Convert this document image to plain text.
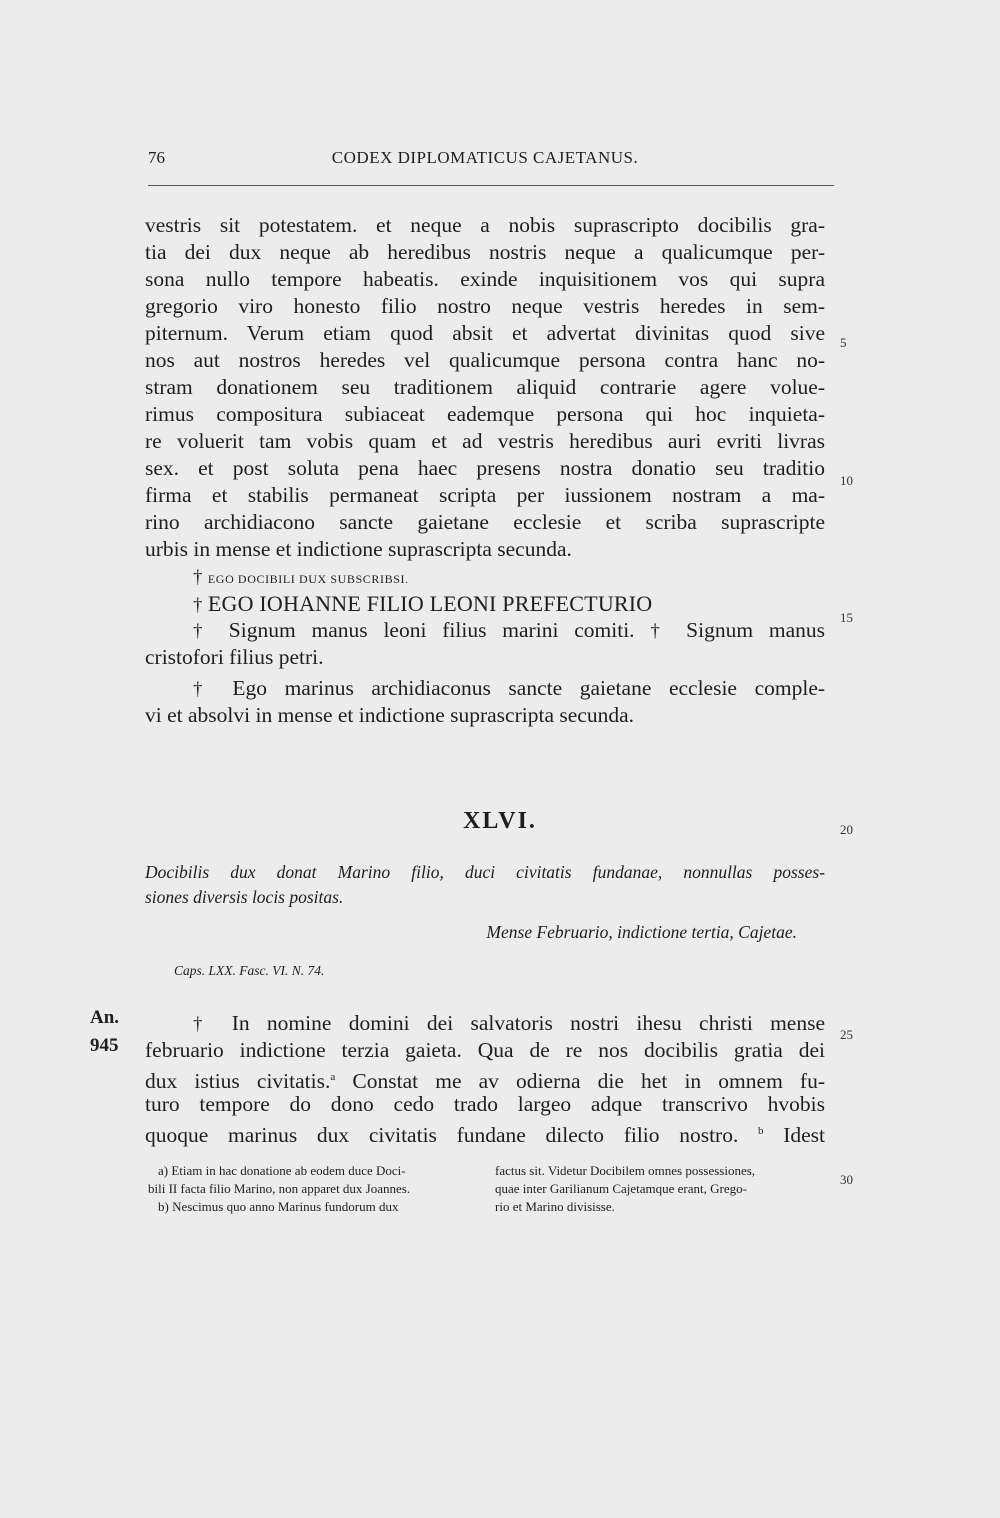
76	CODEX DIPLOMATICUS CAJETANUS.
vestris sit potestatem. et neque a nobis suprascripto docibilis gra-
tia dei dux neque ab heredibus nostris neque a qualicumque per-
sona nullo tempore habeatis. exinde inquisitionem vos qui supra
gregorio viro honesto filio nostro neque vestris heredes in sem-
piternum. Verum etiam quod absit et advertat divinitas quod sive
nos aut nostros heredes vel qualicumque persona contra hanc no-
stram donationem seu traditionem aliquid contrarie agere volue-
rimus compositura subiaceat eademque persona qui hoc inquieta-
re voluerit tam vobis quam et ad vestris heredibus auri evriti livras
sex. et post soluta pena haec presens nostra donatio seu traditio
firma et stabilis permaneat scripta per iussionem nostram a ma-
rino archidiacono sancte gaietane ecclesie et scriba suprascripte
urbis in mense et indictione suprascripta secunda.
† EGO DOCIBILI DUX SUBSCRIBSI.
† EGO IOHANNE FILIO LEONI PREFECTURIO
† Signum manus leoni filius marini comiti. † Signum manus
cristofori filius petri.
† Ego marinus archidiaconus sancte gaietane ecclesie comple-
vi et absolvi in mense et indictione suprascripta secunda.
5
10
15
20
25
30
XLVI.
Docibilis dux donat Marino filio, duci civitatis fundanae, nonnullas posses-
siones diversis locis positas.
Mense Februario, indictione tertia, Cajetae.
Caps. LXX. Fasc. VI. N. 74.
An.
945
† In nomine domini dei salvatoris nostri ihesu christi mense
februario indictione terzia gaieta. Qua de re nos docibilis gratia dei
dux istius civitatis.$^a$ Constat me av odierna die het in omnem fu-
turo tempore do dono cedo trado largeo adque transcrivo hvobis
quoque marinus dux civitatis fundane dilecto filio nostro. $^b$ Idest
a) Etiam in hac donatione ab eodem duce Doci-
bili II facta filio Marino, non apparet dux Joannes.
b) Nescimus quo anno Marinus fundorum dux
factus sit. Videtur Docibilem omnes possessiones,
quae inter Garilianum Cajetamque erant, Grego-
rio et Marino divisisse.
